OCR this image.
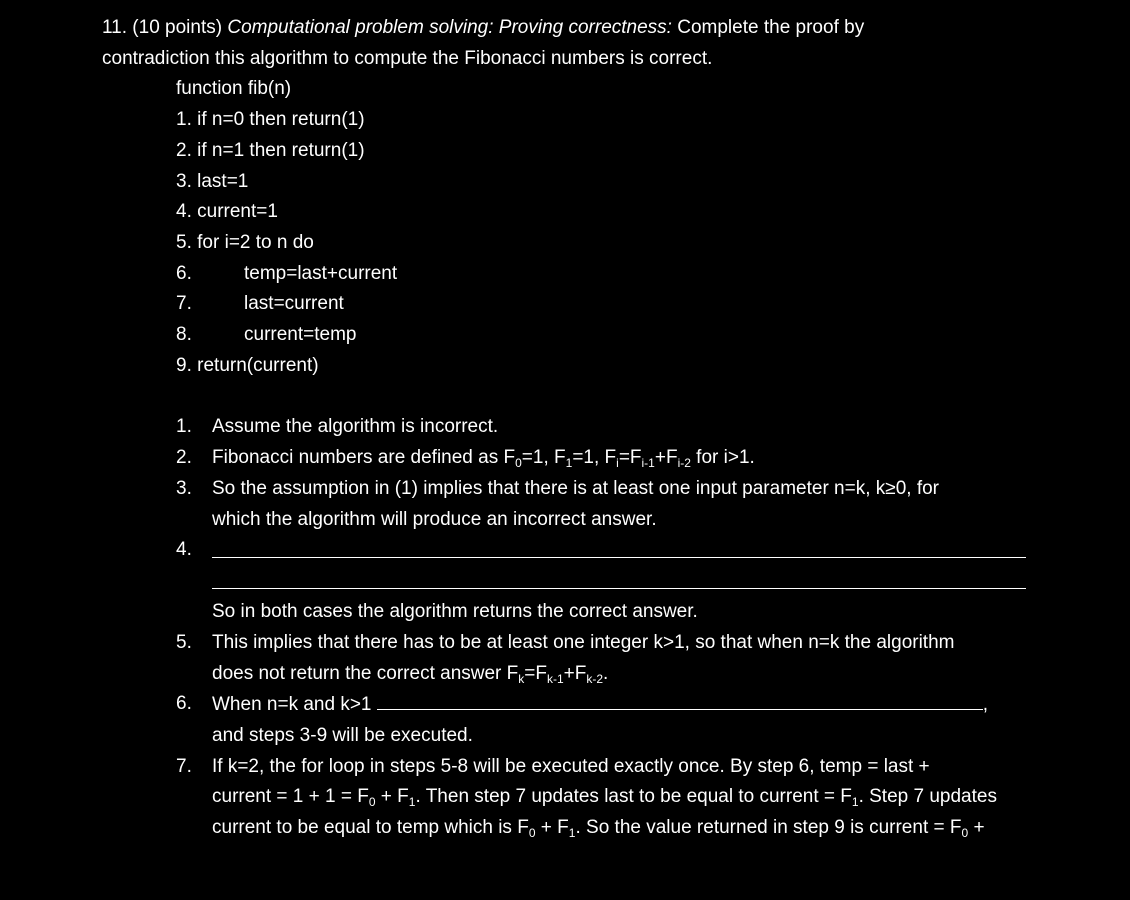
11. (10 points) Computational problem solving: Proving correctness: Complete the proof by
contradiction this algorithm to compute the Fibonacci numbers is correct.

function fib(n)
1.
if n=0 then return(1)
2.
if n=1 then return(1)
3.
last=1
4.
current=1
5.
for i=2 to n do
6.	temp=last+current
7.	last=current
8.	current=temp
9.
return(current)
1.	Assume the algorithm is incorrect.
2.	Fibonacci numbers are defined as $F_0=1$, $F_1=1$, $F_i=F_{i-1}+F_{i-2}$ for i>1.
3.	So the assumption in (1) implies that there is at least one input parameter n=k, k≥0, for
which the algorithm will produce an incorrect answer.
4.
So in both cases the algorithm returns the correct answer.
5.	This implies that there has to be at least one integer k>1, so that when n=k the algorithm
does not return the correct answer $F_k=F_{k-1}+F_{k-2}$.
6.	When n=k and k>1	,
and steps 3-9 will be executed.
7.	If k=2, the for loop in steps 5-8 will be executed exactly once. By step 6, temp = last +
current = $1 + 1 = F_0 + F_1$. Then step 7 updates last to be equal to current = $F_1$. Step 7 updates
current to be equal to temp which is $F_0 + F_1$. So the value returned in step 9 is current = $F_0$ +
